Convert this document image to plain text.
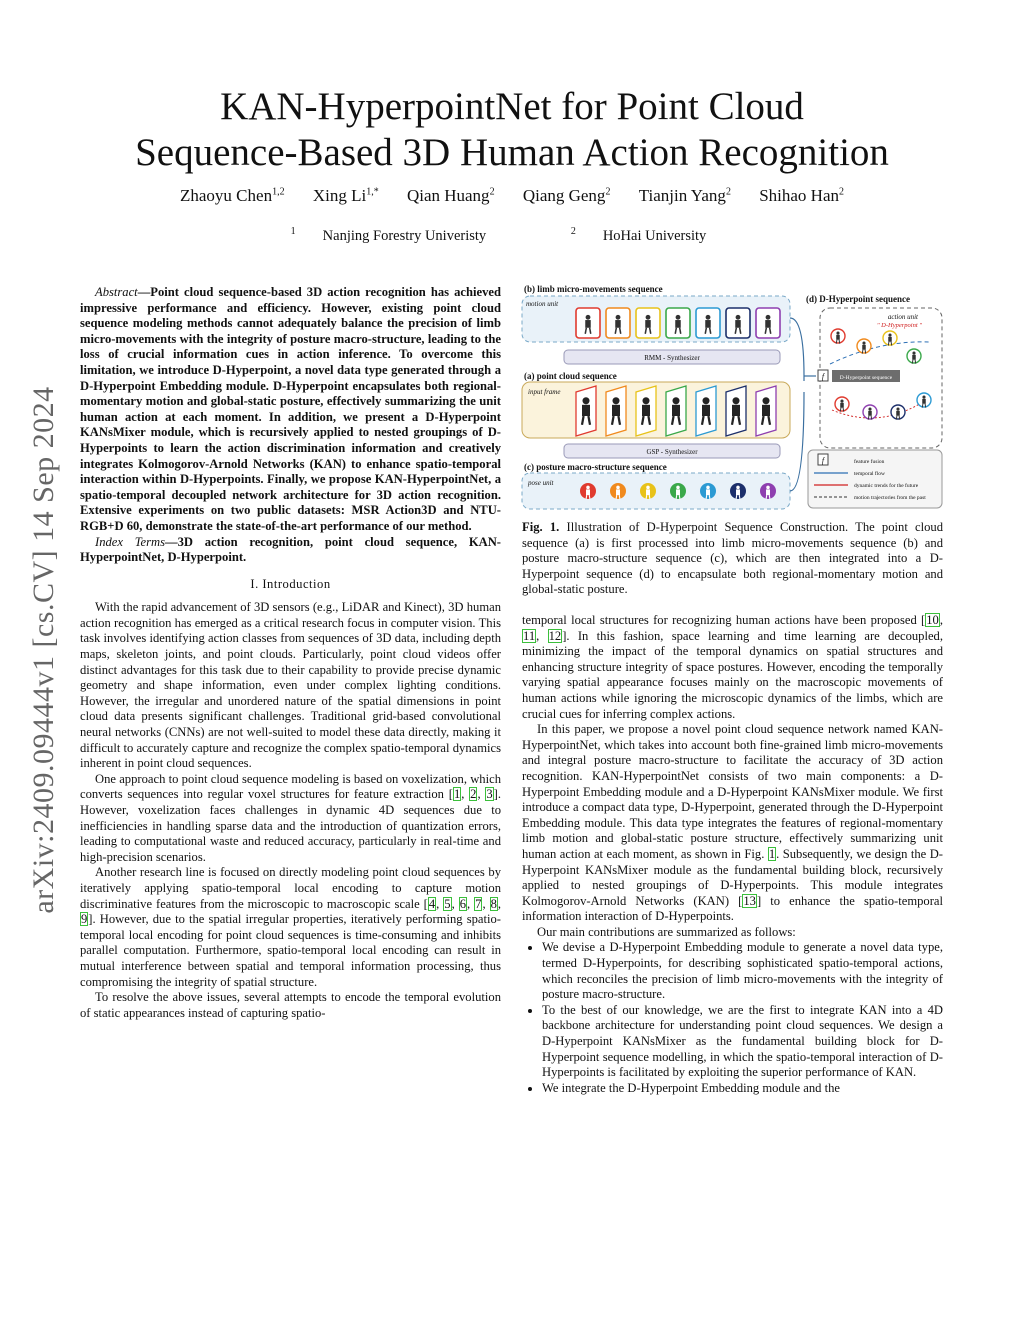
arXiv:2409.09444v1 [cs.CV] 14 Sep 2024
KAN-HyperpointNet for Point Cloud
Sequence-Based 3D Human Action Recognition
Zhaoyu Chen$^{1,2}$ Xing $Li^{1,*}$ Qian Huang$^2$ Qiang Geng$^2$ Tianjin Yang$^2$ Shihao Han$^2$
$^1$ Nanjing Forestry Univeristy	$^2$ HoHai University

Abstract—Point cloud sequence-based 3D action recognition has achieved impressive performance and efficiency. However, existing point cloud sequence modeling methods cannot adequately balance the precision of limb micro-movements with the integrity of posture macro-structure, leading to the loss of crucial information cues in action inference. To overcome this limitation, we introduce D-Hyperpoint, a novel data type generated through a D-Hyperpoint Embedding module. D-Hyperpoint encapsulates both regional-momentary motion and global-static posture, effectively summarizing the unit human action at each moment. In addition, we present a D-Hyperpoint KANsMixer module, which is recursively applied to nested groupings of D-Hyperpoints to learn the action discrimination information and creatively integrates Kolmogorov-Arnold Networks (KAN) to enhance spatio-temporal interaction within D-Hyperpoints. Finally, we propose KAN-HyperpointNet, a spatio-temporal decoupled network architecture for 3D action recognition. Extensive experiments on two public datasets: MSR Action3D and NTU-RGB+D 60, demonstrate the state-of-the-art performance of our method.

Index Terms—3D action recognition, point cloud sequence, KAN-HyperpointNet, D-Hyperpoint.

I. Introduction

With the rapid advancement of 3D sensors (e.g., LiDAR and Kinect), 3D human action recognition has emerged as a critical research focus in computer vision. This task involves identifying action classes from sequences of 3D data, including depth maps, skeleton joints, and point clouds. Particularly, point cloud videos offer distinct advantages for this task due to their capability to provide precise dynamic geometry and shape information, even under complex lighting conditions. However, the irregular and unordered nature of the spatial dimensions in point cloud data presents significant challenges. Traditional grid-based convolutional neural networks (CNNs) are not well-suited to model these data directly, making it difficult to accurately capture and recognize the complex spatio-temporal dynamics inherent in point cloud sequences.

One approach to point cloud sequence modeling is based on voxelization, which converts sequences into regular voxel structures for feature extraction [1, 2, 3]. However, voxelization faces challenges in dynamic 4D sequences due to inefficiencies in handling sparse data and the introduction of quantization errors, leading to computational waste and reduced accuracy, particularly in real-time and high-precision scenarios.

Another research line is focused on directly modeling point cloud sequences by iteratively applying spatio-temporal local encoding to capture motion discriminative features from the microscopic to macroscopic scale [4, 5, 6, 7, 8, 9]. However, due to the spatial irregular properties, iteratively performing spatio-temporal local encoding for point cloud sequences is time-consuming and inhibits parallel computation. Furthermore, spatio-temporal local encoding can result in mutual interference between spatial and temporal information processing, thus compromising the integrity of spatial structure.

To resolve the above issues, several attempts to encode the temporal evolution of static appearances instead of capturing spatio-

(b) limb micro-movements sequence
motion unit
RMM - Synthesizer
(a) point cloud sequence
input frame
GSP - Synthesizer
(c) posture macro-structure sequence
pose unit
(d) D-Hyperpoint sequence
action unit
" D-Hyperpoint "
f	D-Hyperpoint sequence
f	feature fusion
temporal flow
dynamic trends for the future
motion trajectories from the past
Fig. 1. Illustration of D-Hyperpoint Sequence Construction. The point cloud sequence (a) is first processed into limb micro-movements sequence (b) and posture macro-structure sequence (c), which are then integrated into a D-Hyperpoint sequence (d) to encapsulate both regional-momentary motion and global-static posture.

temporal local structures for recognizing human actions have been proposed [10, 11, 12]. In this fashion, space learning and time learning are decoupled, minimizing the impact of the temporal dynamics on spatial structures and enhancing structure integrity of space postures. However, encoding the temporally varying spatial appearance focuses mainly on the macroscopic movements of human actions while ignoring the microscopic dynamics of the limbs, which are crucial cues for inferring complex actions.

In this paper, we propose a novel point cloud sequence network named KAN-HyperpointNet, which takes into account both fine-grained limb micro-movements and integral posture macro-structure to facilitate the accuracy of 3D action recognition. KAN-HyperpointNet consists of two main components: a D-Hyperpoint Embedding module and a D-Hyperpoint KANsMixer module. We first introduce a compact data type, D-Hyperpoint, generated through the D-Hyperpoint Embedding module. This data type integrates the features of regional-momentary limb motion and global-static posture structure, effectively summarizing unit human action at each moment, as shown in Fig. 1. Subsequently, we design the D-Hyperpoint KANsMixer module as the fundamental building block, recursively applied to nested groupings of D-Hyperpoints. This module integrates Kolmogorov-Arnold Networks (KAN) [13] to enhance the spatio-temporal information interaction of D-Hyperpoints.

Our main contributions are summarized as follows:

• We devise a D-Hyperpoint Embedding module to generate a novel data type, termed D-Hyperpoints, for describing sophisticated spatio-temporal actions, which reconciles the precision of limb micro-movements with the integrity of posture macro-structure.
• To the best of our knowledge, we are the first to integrate KAN into a 4D backbone architecture for understanding point cloud sequences. We design a D-Hyperpoint KANsMixer as the fundamental building block for D-Hyperpoint sequence modelling, in which the spatio-temporal interaction of D-Hyperpoints is facilitated by exploiting the superior performance of KAN.
• We integrate the D-Hyperpoint Embedding module and the
